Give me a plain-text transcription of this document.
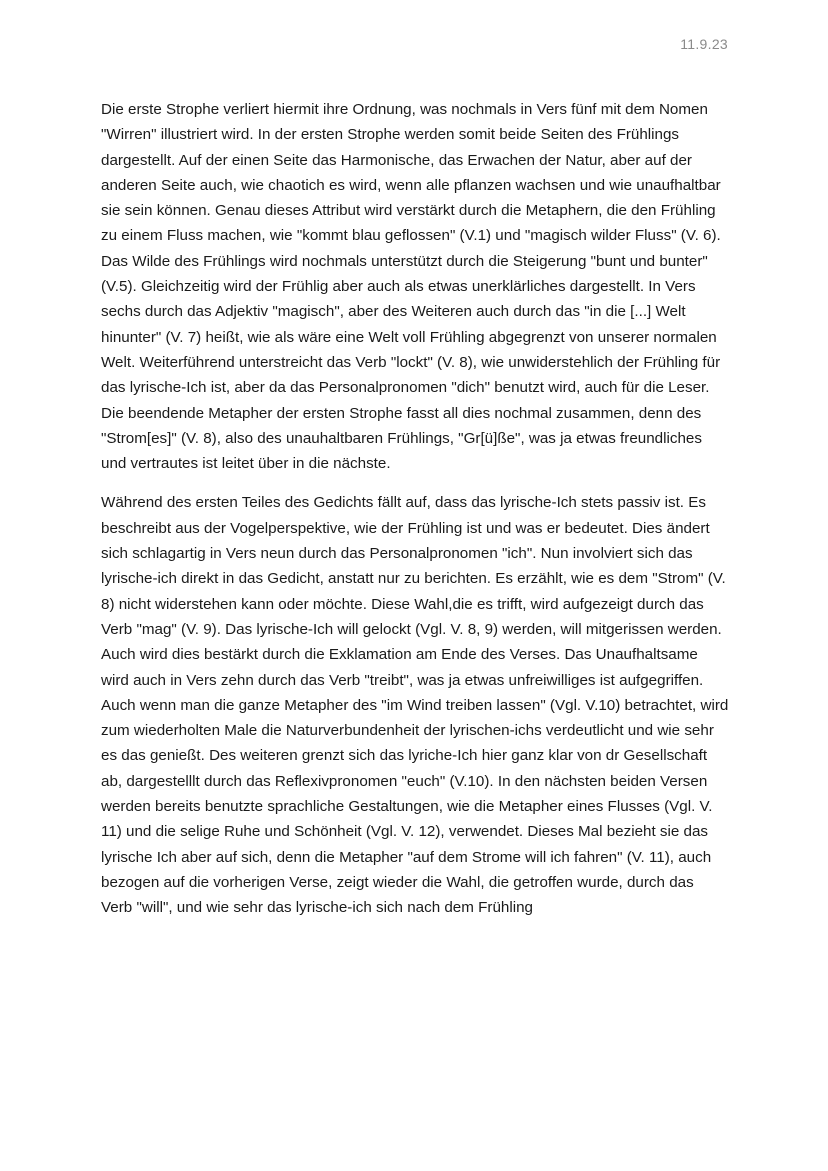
11.9.23

Die erste Strophe verliert hiermit ihre Ordnung, was nochmals in Vers fünf mit dem Nomen "Wirren" illustriert wird. In der ersten Strophe werden somit beide Seiten des Frühlings dargestellt. Auf der einen Seite das Harmonische, das Erwachen der Natur, aber auf der anderen Seite auch, wie chaotich es wird, wenn alle pflanzen wachsen und wie unaufhaltbar sie sein können. Genau dieses Attribut wird verstärkt durch die Metaphern, die den Frühling zu einem Fluss machen, wie "kommt blau geflossen" (V.1) und "magisch wilder Fluss" (V. 6). Das Wilde des Frühlings wird nochmals unterstützt durch die Steigerung "bunt und bunter" (V.5). Gleichzeitig wird der Frühlig aber auch als etwas unerklärliches dargestellt. In Vers sechs durch das Adjektiv "magisch", aber des Weiteren auch durch das "in die [...] Welt hinunter" (V. 7) heißt, wie als wäre eine Welt voll Frühling abgegrenzt von unserer normalen Welt. Weiterführend unterstreicht das Verb "lockt" (V. 8), wie unwiderstehlich der Frühling für das lyrische-Ich ist, aber da das Personalpronomen "dich" benutzt wird, auch für die Leser. Die beendende Metapher der ersten Strophe fasst all dies nochmal zusammen, denn des "Strom[es]" (V. 8), also des unauhaltbaren Frühlings, "Gr[ü]ße", was ja etwas freundliches und vertrautes ist leitet über in die nächste.

Während des ersten Teiles des Gedichts fällt auf, dass das lyrische-Ich stets passiv ist. Es beschreibt aus der Vogelperspektive, wie der Frühling ist und was er bedeutet. Dies ändert sich schlagartig in Vers neun durch das Personalpronomen "ich". Nun involviert sich das lyrische-ich direkt in das Gedicht, anstatt nur zu berichten. Es erzählt, wie es dem "Strom" (V. 8) nicht widerstehen kann oder möchte. Diese Wahl,die es trifft, wird aufgezeigt durch das Verb "mag" (V. 9). Das lyrische-Ich will gelockt (Vgl. V. 8, 9) werden, will mitgerissen werden. Auch wird dies bestärkt durch die Exklamation am Ende des Verses. Das Unaufhaltsame wird auch in Vers zehn durch das Verb "treibt", was ja etwas unfreiwilliges ist aufgegriffen. Auch wenn man die ganze Metapher des "im Wind treiben lassen" (Vgl. V.10) betrachtet, wird zum wiederholten Male die Naturverbundenheit der lyrischen-ichs verdeutlicht und wie sehr es das genießt. Des weiteren grenzt sich das lyriche-Ich hier ganz klar von dr Gesellschaft ab, dargestelllt durch das Reflexivpronomen "euch" (V.10). In den nächsten beiden Versen werden bereits benutzte sprachliche Gestaltungen, wie die Metapher eines Flusses (Vgl. V. 11) und die selige Ruhe und Schönheit (Vgl. V. 12), verwendet. Dieses Mal bezieht sie das lyrische Ich aber auf sich, denn die Metapher "auf dem Strome will ich fahren" (V. 11), auch bezogen auf die vorherigen Verse, zeigt wieder die Wahl, die getroffen wurde, durch das Verb "will", und wie sehr das lyrische-ich sich nach dem Frühling
